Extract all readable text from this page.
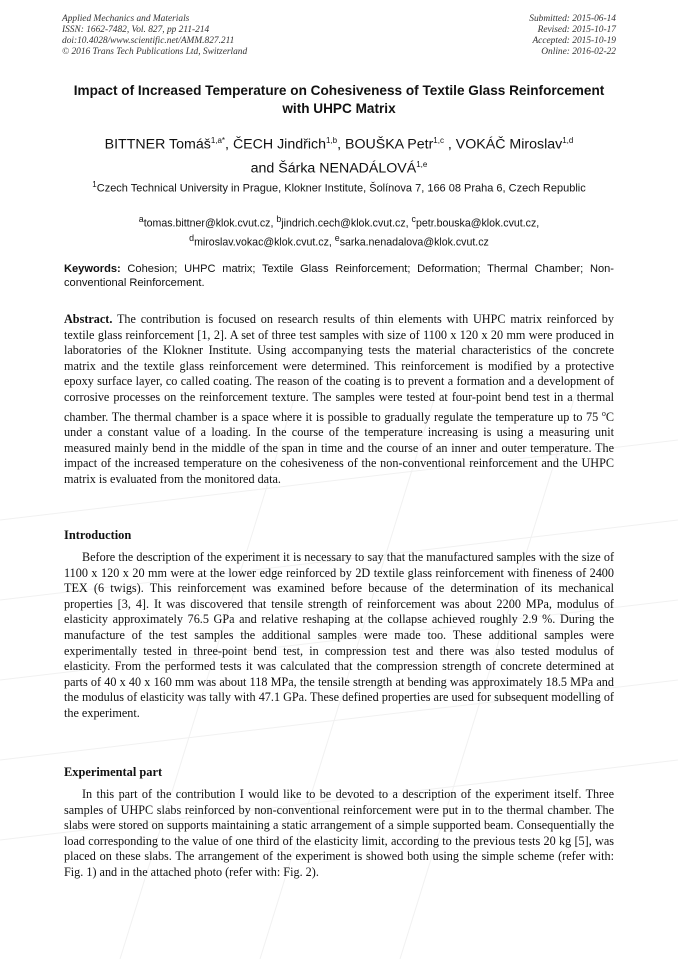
Applied Mechanics and Materials
ISSN: 1662-7482, Vol. 827, pp 211-214
doi:10.4028/www.scientific.net/AMM.827.211
© 2016 Trans Tech Publications Ltd, Switzerland
Submitted: 2015-06-14
Revised: 2015-10-17
Accepted: 2015-10-19
Online: 2016-02-22
Impact of Increased Temperature on Cohesiveness of Textile Glass Reinforcement with UHPC Matrix
BITTNER Tomáš$^{1,a*}$, ČECH Jindřich$^{1,b}$, BOUŠKA Petr$^{1,c}$ , VOKÁČ Miroslav$^{1,d}$
and Šárka NENADÁLOVÁ$^{1,e}$
$^1$Czech Technical University in Prague, Klokner Institute, Šolínova 7, 166 08 Praha 6, Czech Republic
$^a$tomas.bittner@klok.cvut.cz, $^b$jindrich.cech@klok.cvut.cz, $^c$petr.bouska@klok.cvut.cz,
$^d$miroslav.vokac@klok.cvut.cz, $^e$sarka.nenadalova@klok.cvut.cz
Keywords: Cohesion; UHPC matrix; Textile Glass Reinforcement; Deformation; Thermal Chamber; Non-conventional Reinforcement.
Abstract. The contribution is focused on research results of thin elements with UHPC matrix reinforced by textile glass reinforcement [1, 2]. A set of three test samples with size of 1100 x 120 x 20 mm were produced in laboratories of the Klokner Institute. Using accompanying tests the material characteristics of the concrete matrix and the textile glass reinforcement were determined. This reinforcement is modified by a protective epoxy surface layer, co called coating. The reason of the coating is to prevent a formation and a development of corrosive processes on the reinforcement texture. The samples were tested at four-point bend test in a thermal chamber. The thermal chamber is a space where it is possible to gradually regulate the temperature up to 75 $^o$C under a constant value of a loading. In the course of the temperature increasing is using a measuring unit measured mainly bend in the middle of the span in time and the course of an inner and outer temperature. The impact of the increased temperature on the cohesiveness of the non-conventional reinforcement and the UHPC matrix is evaluated from the monitored data.
Introduction

Before the description of the experiment it is necessary to say that the manufactured samples with the size of 1100 x 120 x 20 mm were at the lower edge reinforced by 2D textile glass reinforcement with fineness of 2400 TEX (6 twigs). This reinforcement was examined before because of the determination of its mechanical properties [3, 4]. It was discovered that tensile strength of reinforcement was about 2200 MPa, modulus of elasticity approximately 76.5 GPa and relative reshaping at the collapse achieved roughly 2.9 %. During the manufacture of the test samples the additional samples were made too. These additional samples were experimentally tested in three-point bend test, in compression test and there was also tested modulus of elasticity. From the performed tests it was calculated that the compression strength of concrete determined at parts of 40 x 40 x 160 mm was about 118 MPa, the tensile strength at bending was approximately 18.5 MPa and the modulus of elasticity was tally with 47.1 GPa. These defined properties are used for subsequent modelling of the experiment.

Experimental part

In this part of the contribution I would like to be devoted to a description of the experiment itself. Three samples of UHPC slabs reinforced by non-conventional reinforcement were put in to the thermal chamber. The slabs were stored on supports maintaining a static arrangement of a simple supported beam. Consequentially the load corresponding to the value of one third of the elasticity limit, according to the previous tests 20 kg [5], was placed on these slabs. The arrangement of the experiment is showed both using the simple scheme (refer with: Fig. 1) and in the attached photo (refer with: Fig. 2).
